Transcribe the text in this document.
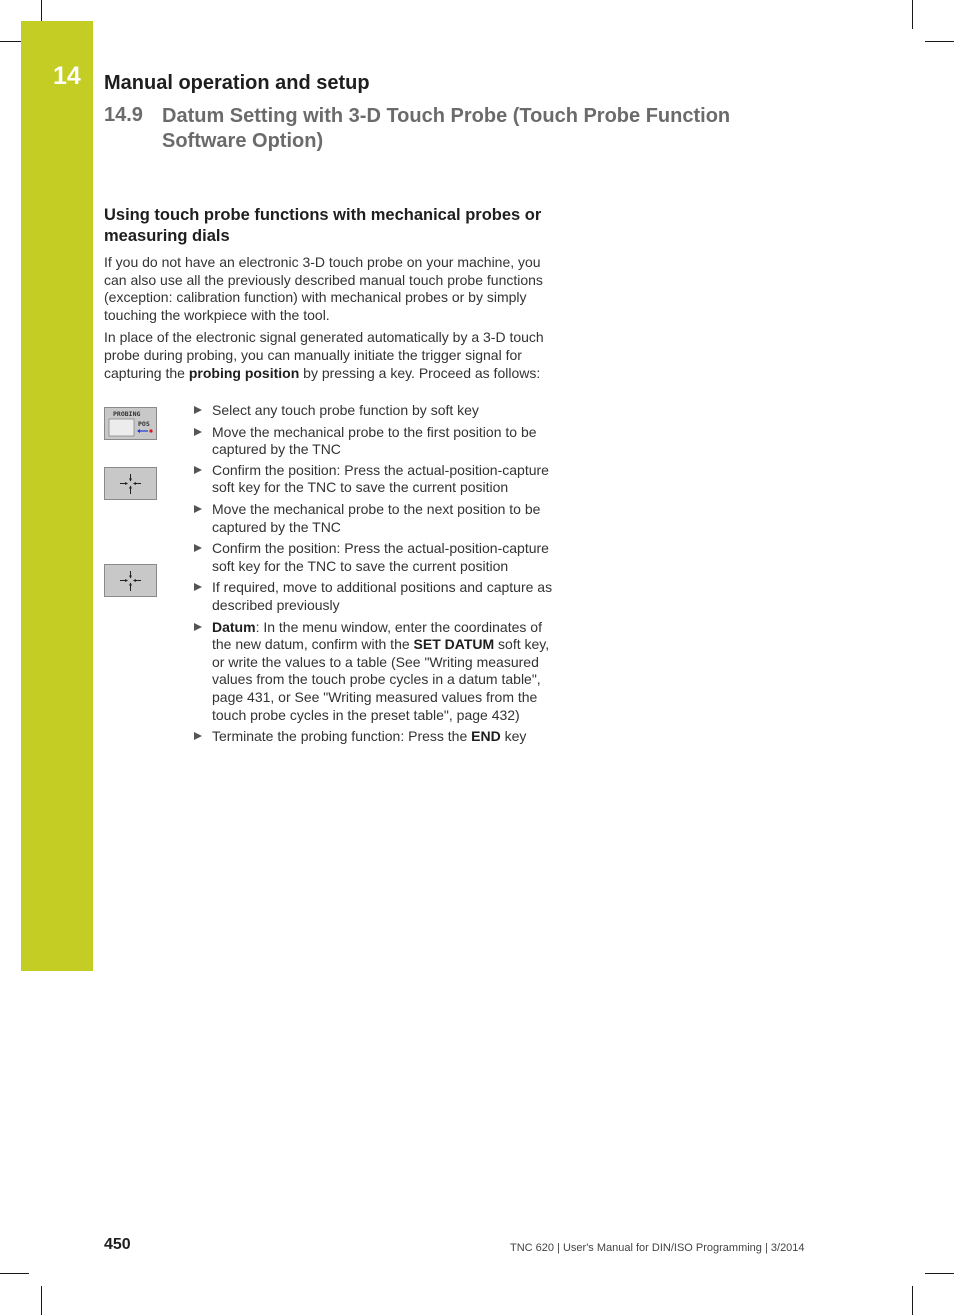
14 Manual operation and setup
14.9 Datum Setting with 3-D Touch Probe (Touch Probe Function Software Option)
Using touch probe functions with mechanical probes or measuring dials

If you do not have an electronic 3-D touch probe on your machine, you can also use all the previously described manual touch probe functions (exception: calibration function) with mechanical probes or by simply touching the workpiece with the tool.

In place of the electronic signal generated automatically by a 3-D touch probe during probing, you can manually initiate the trigger signal for capturing the probing position by pressing a key. Proceed as follows:

PROBING
POS
Select any touch probe function by soft key
Move the mechanical probe to the first position to be captured by the TNC
Confirm the position: Press the actual-position-capture soft key for the TNC to save the current position
Move the mechanical probe to the next position to be captured by the TNC
Confirm the position: Press the actual-position-capture soft key for the TNC to save the current position
If required, move to additional positions and capture as described previously
Datum: In the menu window, enter the coordinates of the new datum, confirm with the SET DATUM soft key, or write the values to a table (See "Writing measured values from the touch probe cycles in a datum table", page 431, or See "Writing measured values from the touch probe cycles in the preset table", page 432)
Terminate the probing function: Press the END key
450	TNC 620 | User's Manual for DIN/ISO Programming | 3/2014
